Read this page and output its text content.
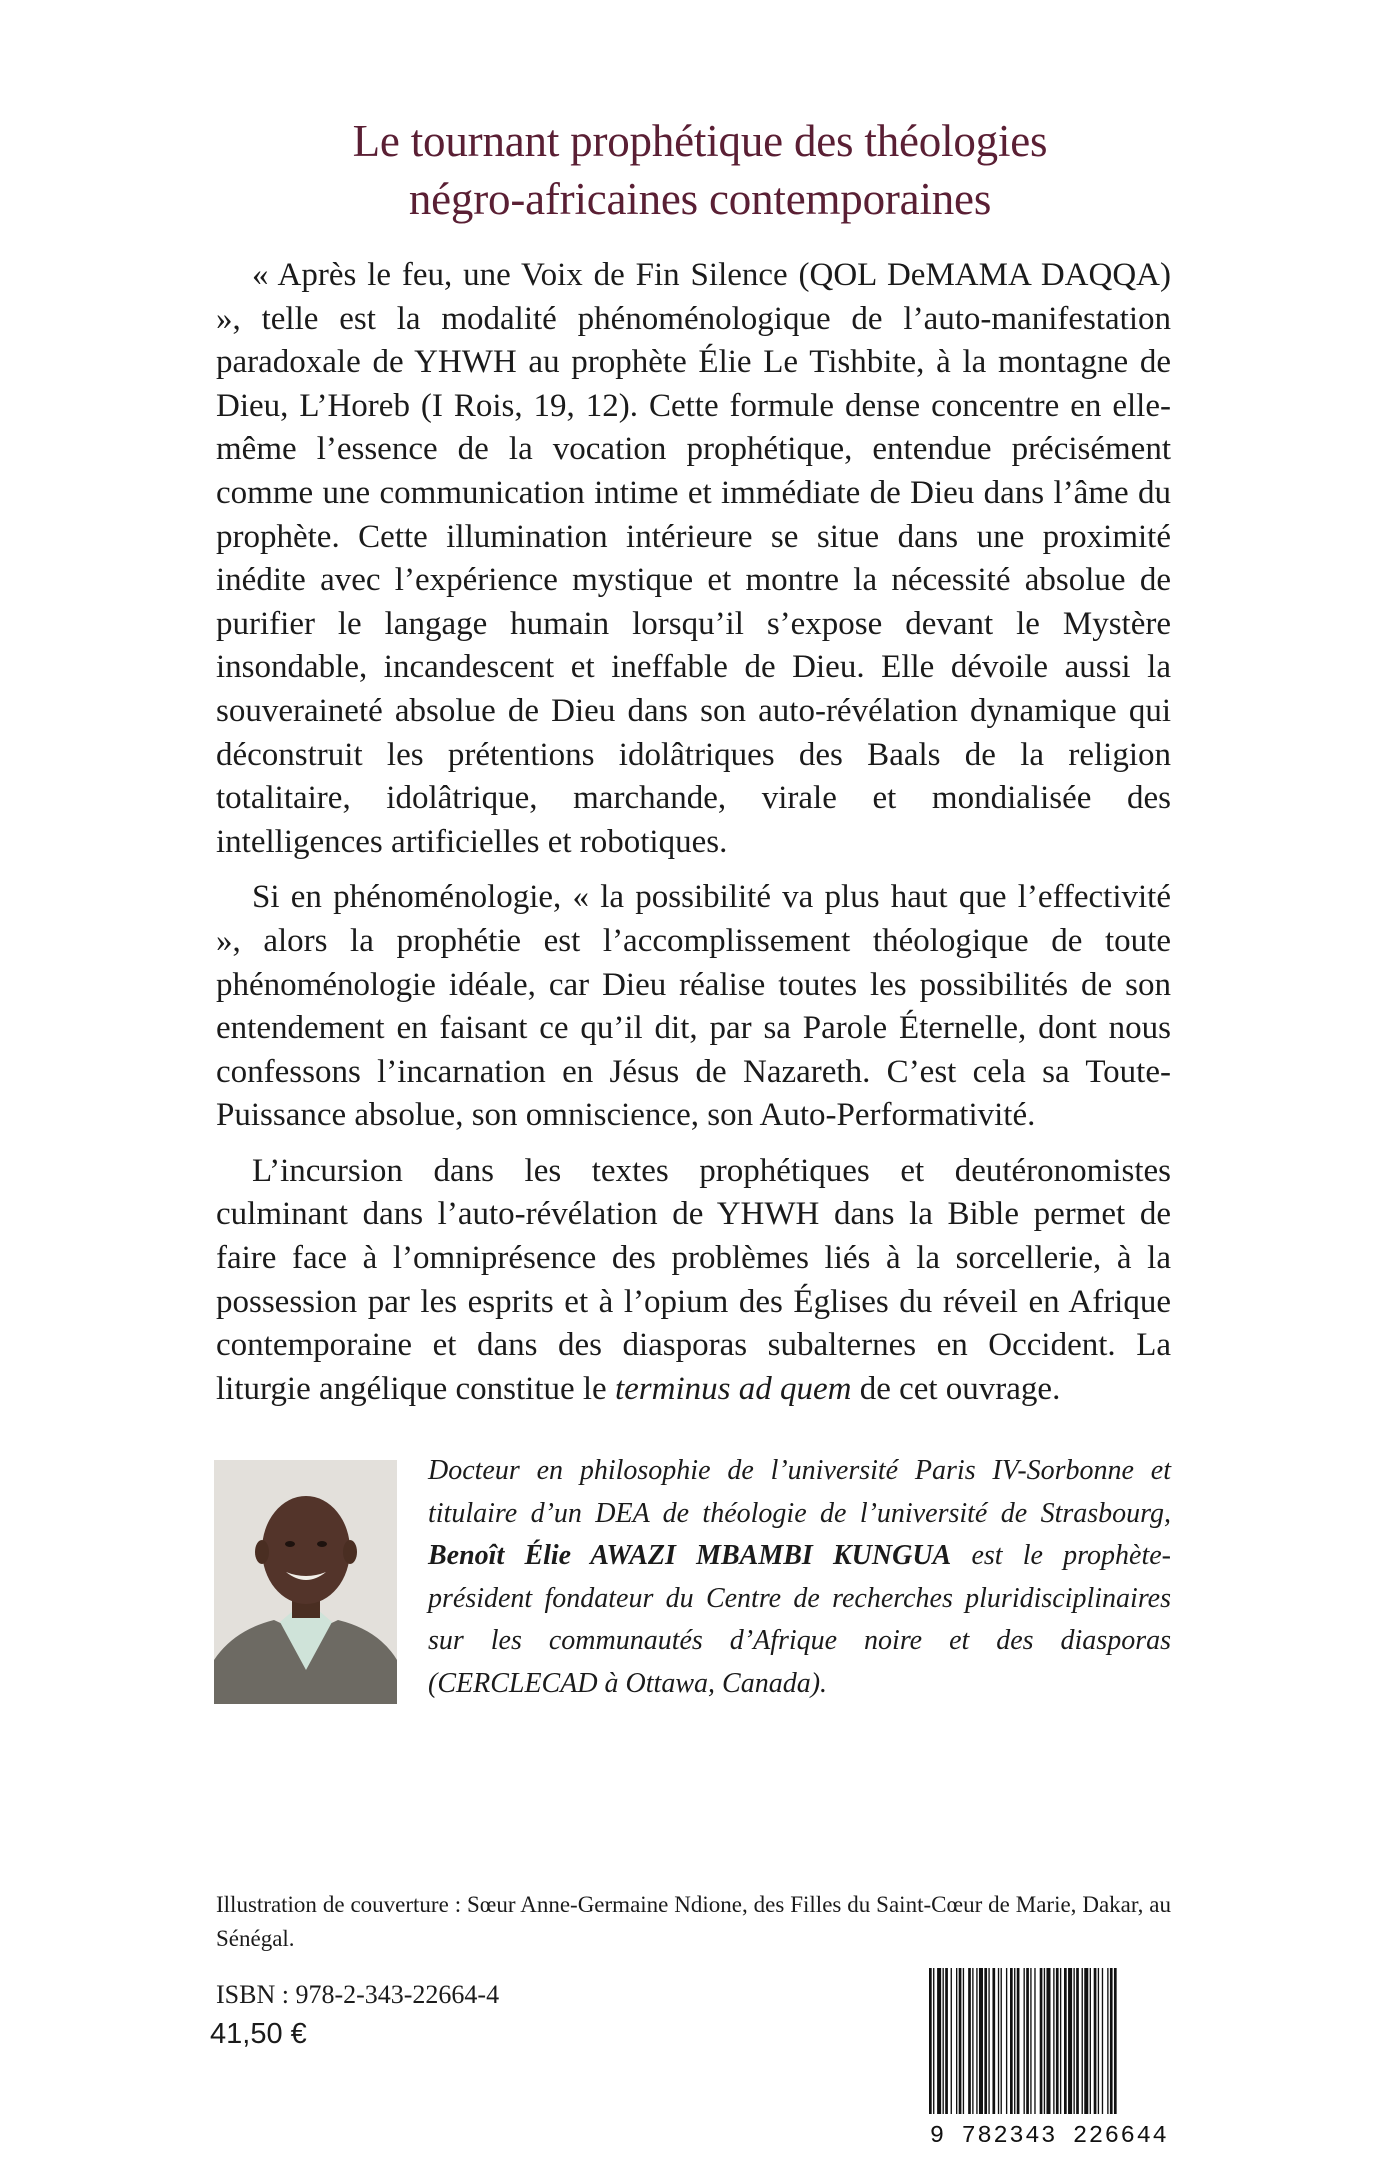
Le tournant prophétique des théologies
négro-africaines contemporaines

« Après le feu, une Voix de Fin Silence (QOL DeMAMA DAQQA) », telle est la modalité phénoménologique de l’auto-manifestation paradoxale de YHWH au prophète Élie Le Tishbite, à la montagne de Dieu, L’Horeb (I Rois, 19, 12). Cette formule dense concentre en elle-même l’essence de la vocation prophétique, entendue précisément comme une communication intime et immédiate de Dieu dans l’âme du prophète. Cette illumination intérieure se situe dans une proximité inédite avec l’expérience mystique et montre la nécessité absolue de purifier le langage humain lorsqu’il s’expose devant le Mystère insondable, incandescent et ineffable de Dieu. Elle dévoile aussi la souveraineté absolue de Dieu dans son auto-révélation dynamique qui déconstruit les prétentions idolâtriques des Baals de la religion totalitaire, idolâtrique, marchande, virale et mondialisée des intelligences artificielles et robotiques.

Si en phénoménologie, « la possibilité va plus haut que l’effectivité », alors la prophétie est l’accomplissement théologique de toute phénoménologie idéale, car Dieu réalise toutes les possibilités de son entendement en faisant ce qu’il dit, par sa Parole Éternelle, dont nous confessons l’incarnation en Jésus de Nazareth. C’est cela sa Toute-Puissance absolue, son omniscience, son Auto-Performativité.

L’incursion dans les textes prophétiques et deutéronomistes culminant dans l’auto-révélation de YHWH dans la Bible permet de faire face à l’omniprésence des problèmes liés à la sorcellerie, à la possession par les esprits et à l’opium des Églises du réveil en Afrique contemporaine et dans des diasporas subalternes en Occident. La liturgie angélique constitue le terminus ad quem de cet ouvrage.

Docteur en philosophie de l’université Paris IV-Sorbonne et titulaire d’un DEA de théologie de l’université de Strasbourg, Benoît Élie AWAZI MBAMBI KUNGUA est le prophète-président fondateur du Centre de recherches pluridisciplinaires sur les communautés d’Afrique noire et des diasporas (CERCLECAD à Ottawa, Canada).
Illustration de couverture : Sœur Anne-Germaine Ndione, des Filles du Saint-Cœur de Marie, Dakar, au Sénégal.
ISBN : 978-2-343-22664-4
41,50 €
9 782343 226644
